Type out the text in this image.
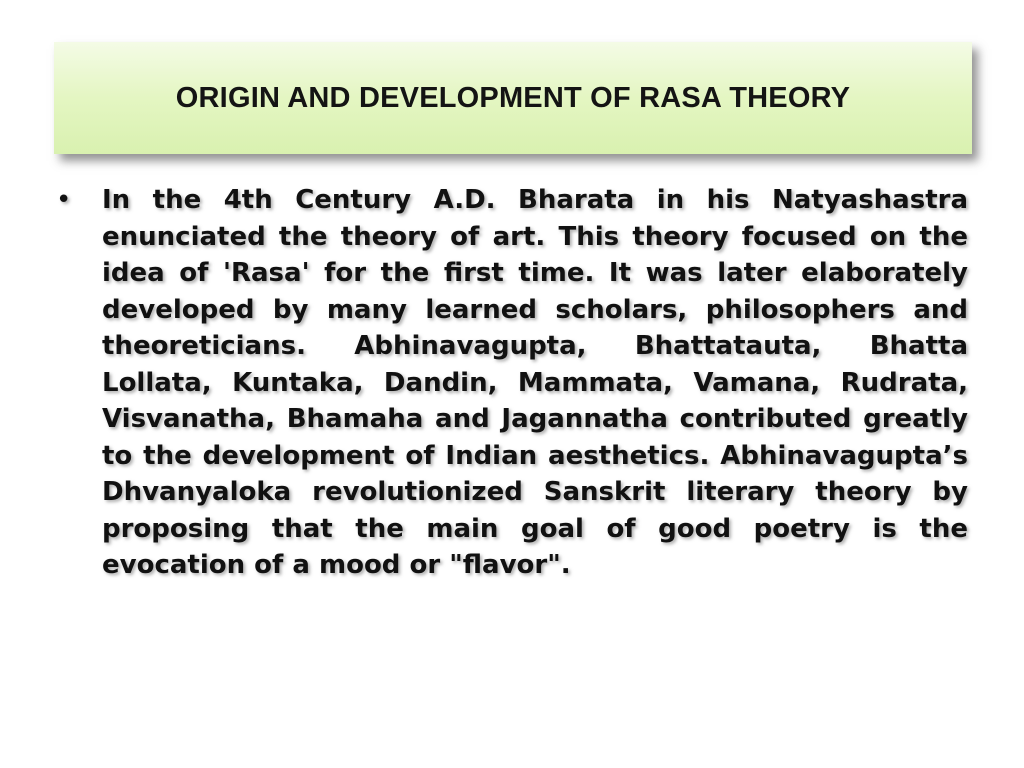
ORIGIN AND DEVELOPMENT OF RASA THEORY
•	In the 4th Century A.D. Bharata in his Natyashastra enunciated the theory of art. This theory focused on the idea of 'Rasa' for the first time. It was later elaborately developed by many learned scholars, philosophers and theoreticians. Abhinavagupta, Bhattatauta, Bhatta Lollata, Kuntaka, Dandin, Mammata, Vamana, Rudrata, Visvanatha, Bhamaha and Jagannatha contributed greatly to the development of Indian aesthetics. Abhinavagupta’s Dhvanyaloka revolutionized Sanskrit literary theory by proposing that the main goal of good poetry is the evocation of a mood or "flavor".
